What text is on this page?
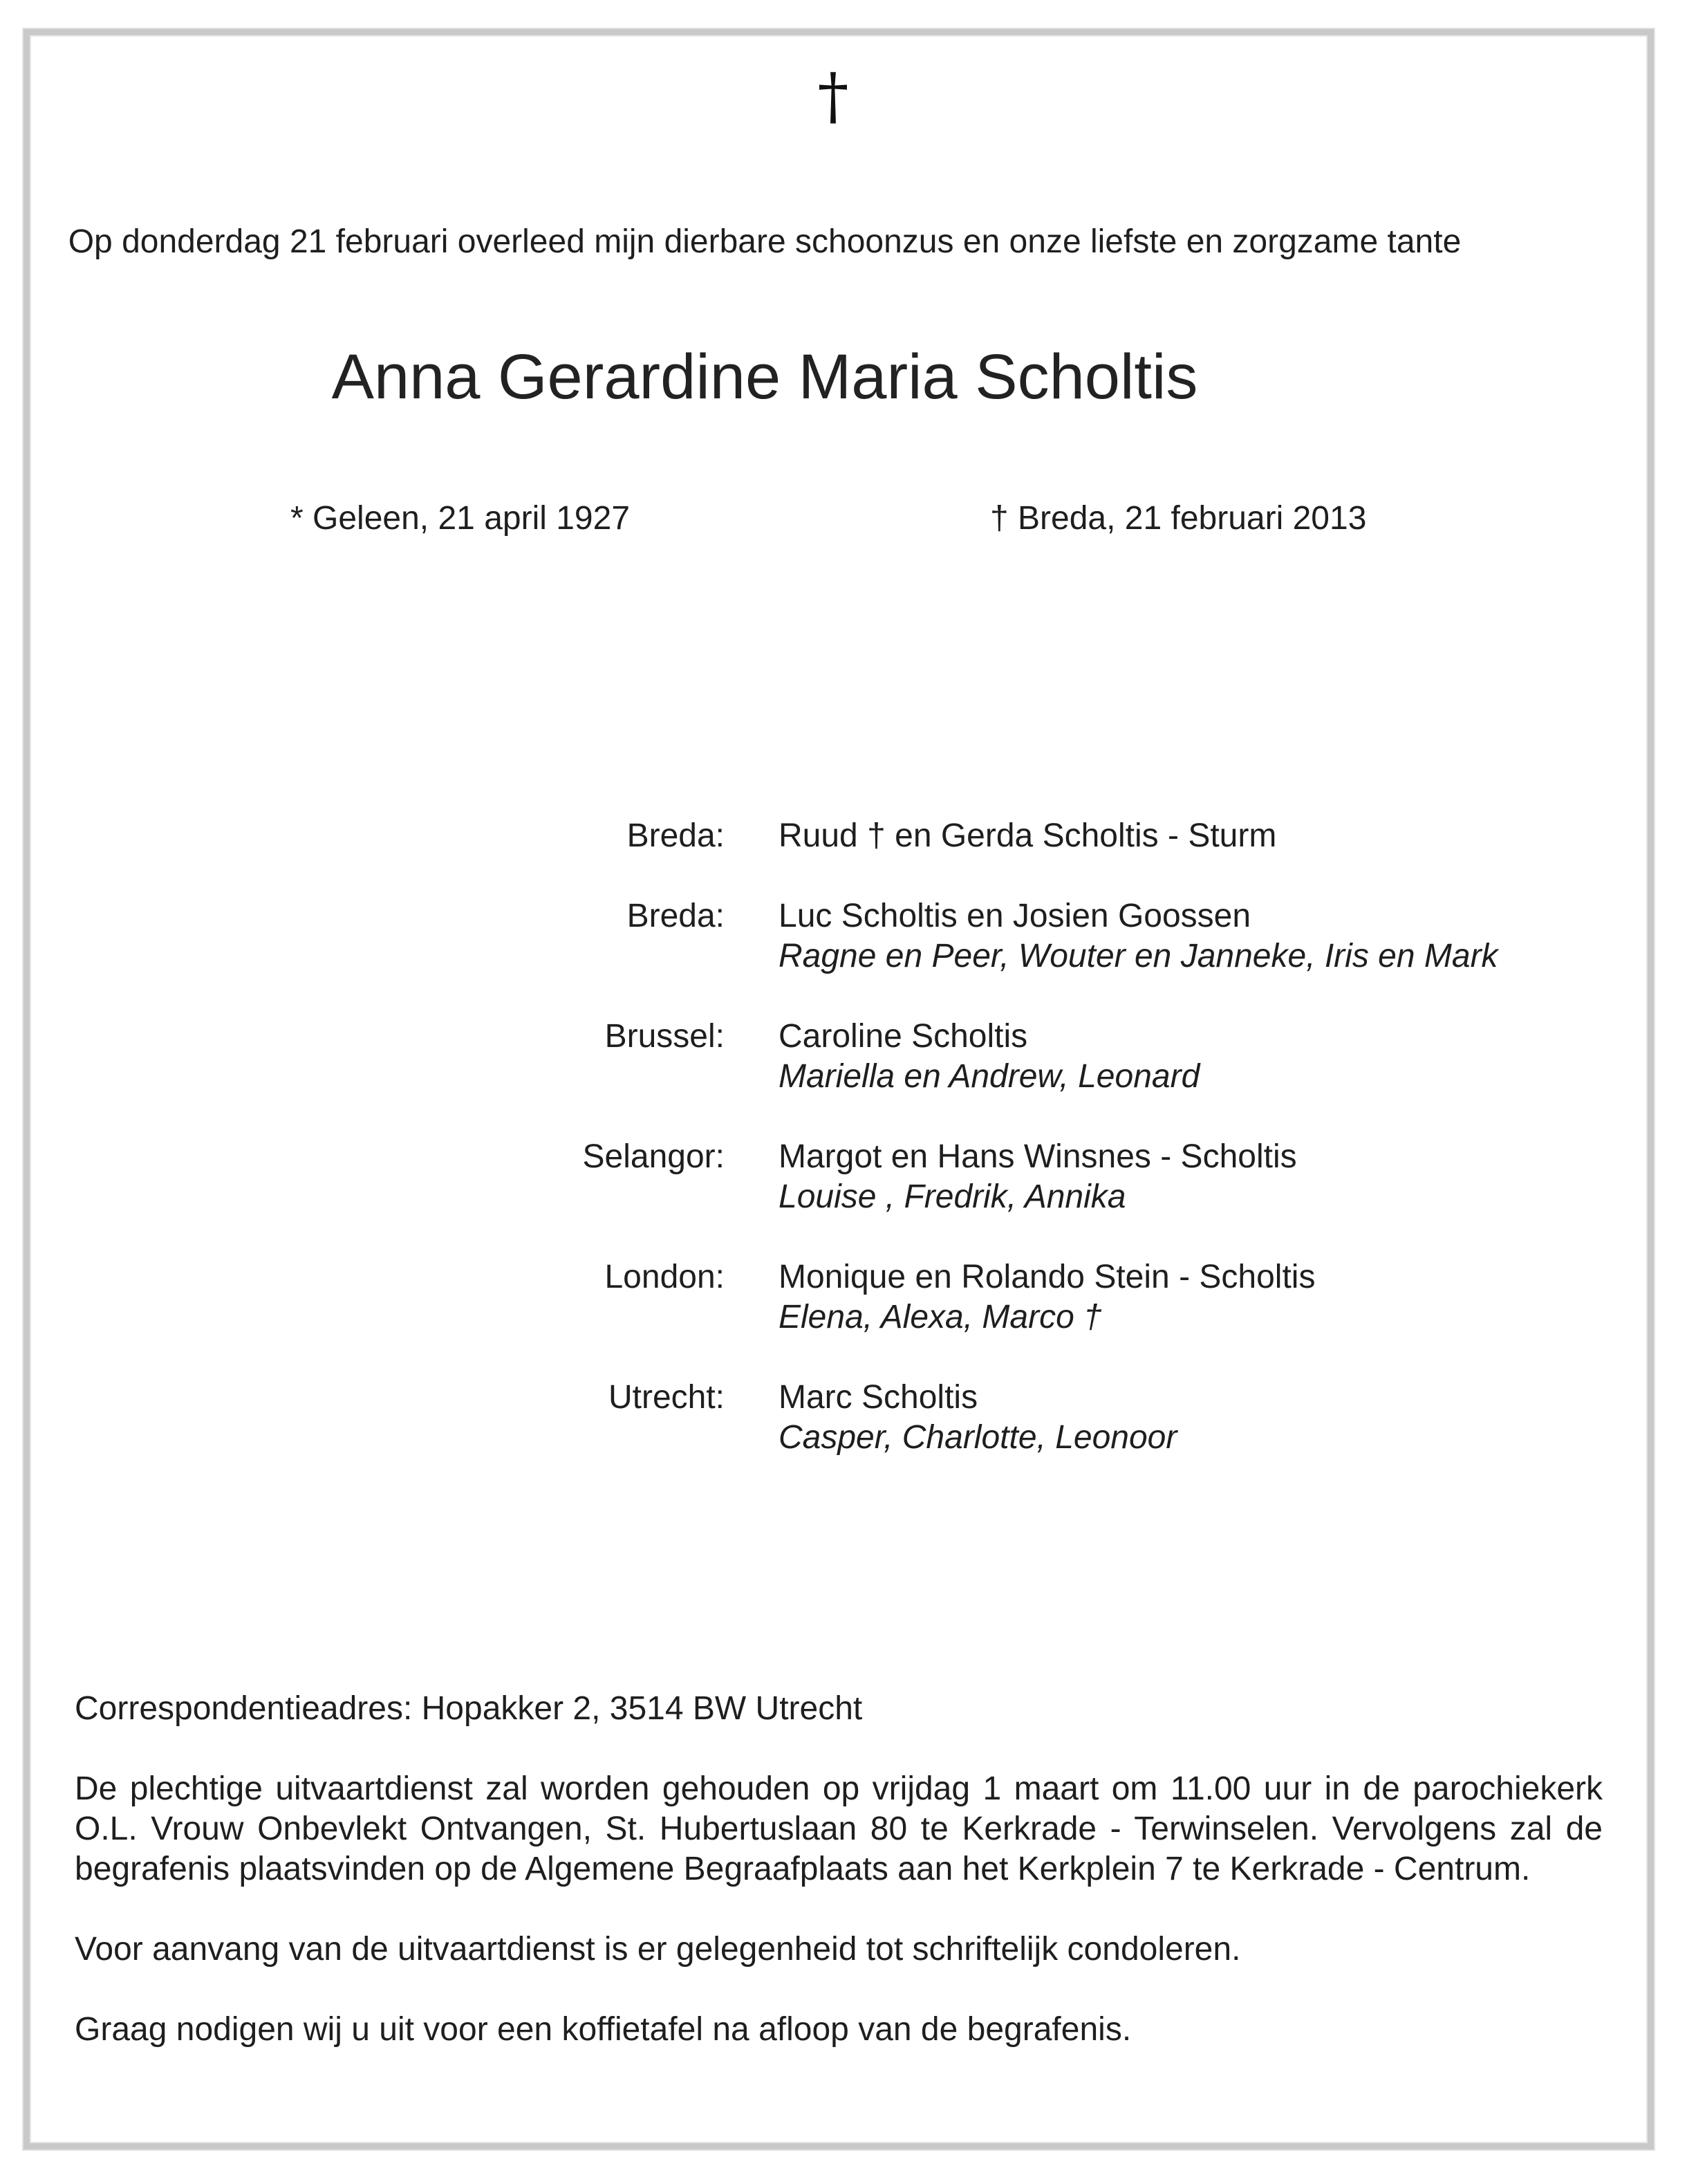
†
Op donderdag 21 februari overleed mijn dierbare schoonzus en onze liefste en zorgzame tante
Anna Gerardine Maria Scholtis
* Geleen, 21 april 1927	† Breda, 21 februari 2013
Breda: Ruud † en Gerda Scholtis - Sturm
Breda: Luc Scholtis en Josien Goossen
Ragne en Peer, Wouter en Janneke, Iris en Mark
Brussel: Caroline Scholtis
Mariella en Andrew, Leonard
Selangor: Margot en Hans Winsnes - Scholtis
Louise , Fredrik, Annika
London: Monique en Rolando Stein - Scholtis
Elena, Alexa, Marco †
Utrecht: Marc Scholtis
Casper, Charlotte, Leonoor

Correspondentieadres: Hopakker 2, 3514 BW Utrecht

De plechtige uitvaartdienst zal worden gehouden op vrijdag 1 maart om 11.00 uur in de parochiekerk O.L. Vrouw Onbevlekt Ontvangen, St. Hubertuslaan 80 te Kerkrade - Terwinselen. Vervolgens zal de begrafenis plaatsvinden op de Algemene Begraafplaats aan het Kerkplein 7 te Kerkrade - Centrum.

Voor aanvang van de uitvaartdienst is er gelegenheid tot schriftelijk condoleren.

Graag nodigen wij u uit voor een koffietafel na afloop van de begrafenis.
